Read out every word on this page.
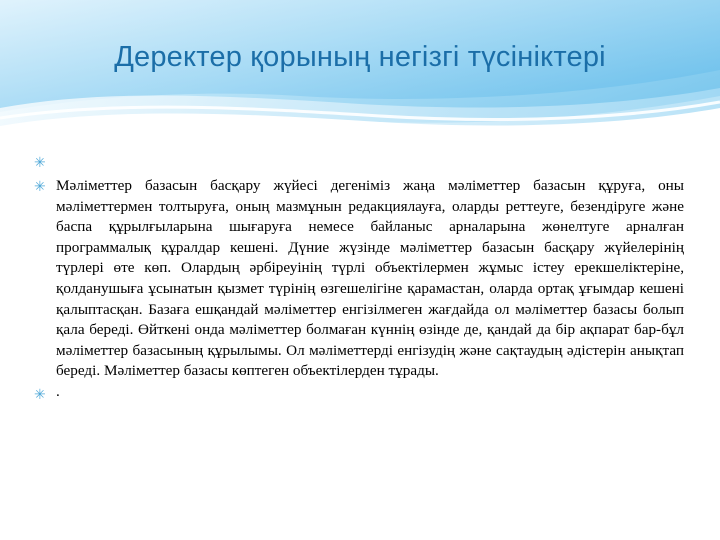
Деректер қорының негізгі түсініктері
✳
✳ Мәліметтер базасын басқару жүйесі дегеніміз жаңа мәліметтер базасын құруға, оны мәліметтермен толтыруға, оның мазмұнын редакциялауға, оларды реттеуге, безендіруге және баспа құрылғыларына шығаруға немесе байланыс арналарына жөнелтуге арналған программалық құралдар кешені. Дүние жүзінде мәліметтер базасын басқару жүйелерінің түрлері өте көп. Олардың әрбіреуінің түрлі объектілермен жұмыс істеу ерекшеліктеріне, қолданушыға ұсынатын қызмет түрінің өзгешелігіне қарамастан, оларда ортақ ұғымдар кешені қалыптасқан. Базаға ешқандай мәліметтер енгізілмеген жағдайда ол мәліметтер базасы болып қала береді. Өйткені онда мәліметтер болмаған күннің өзінде де, қандай да бір ақпарат бар-бұл мәліметтер базасының құрылымы. Ол мәліметтерді енгізудің және сақтаудың әдістерін анықтап береді. Мәліметтер базасы көптеген объектілерден тұрады.
✳ .
